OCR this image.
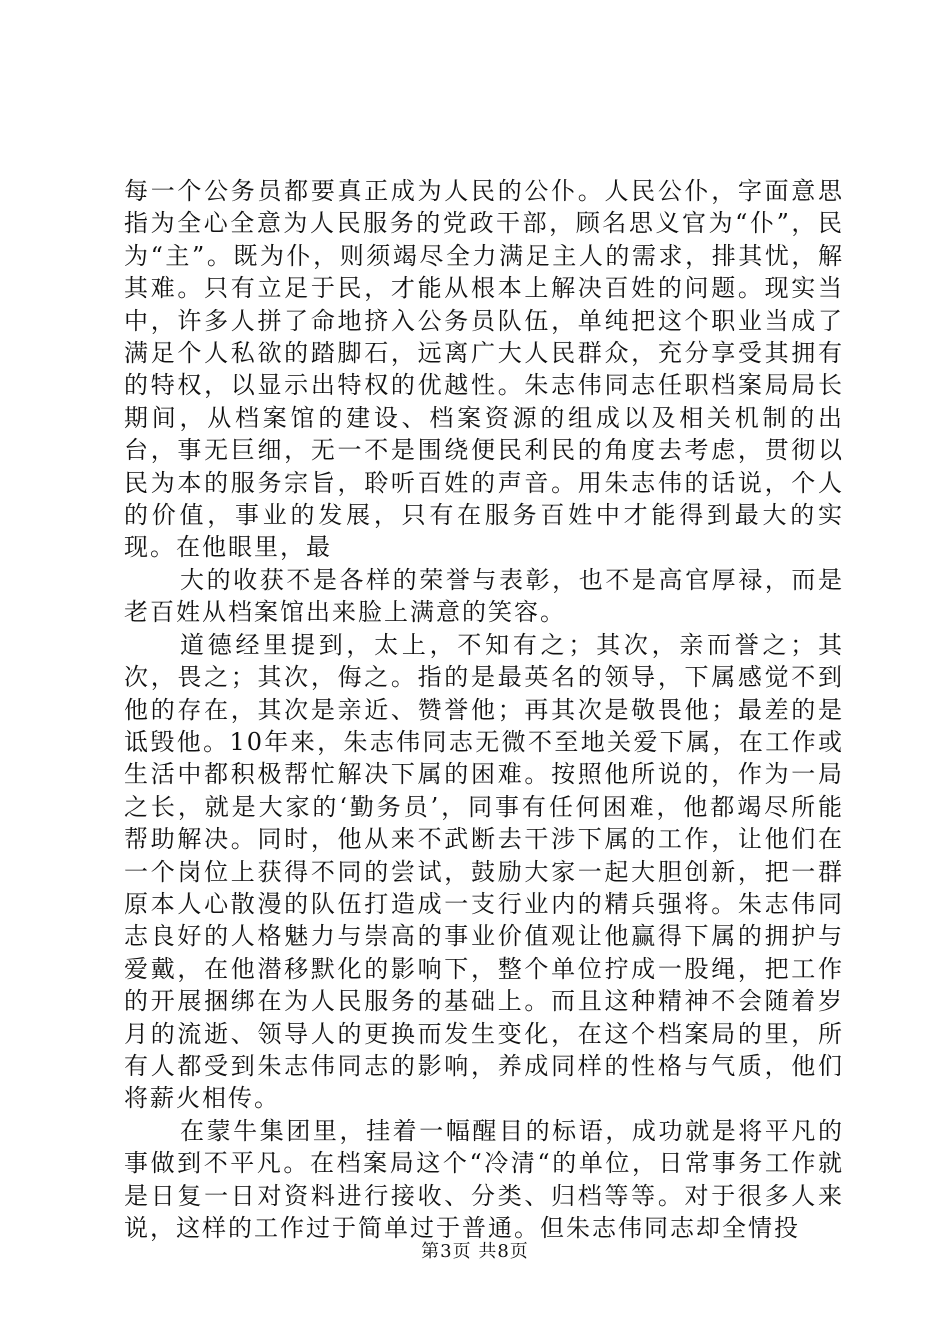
每一个公务员都要真正成为人民的公仆。人民公仆，字面意思指为全心全意为人民服务的党政干部，顾名思义官为“仆”，民为“主”。既为仆，则须竭尽全力满足主人的需求，排其忧，解其难。只有立足于民，才能从根本上解决百姓的问题。现实当中，许多人拼了命地挤入公务员队伍，单纯把这个职业当成了满足个人私欲的踏脚石，远离广大人民群众，充分享受其拥有的特权，以显示出特权的优越性。朱志伟同志任职档案局局长期间，从档案馆的建设、档案资源的组成以及相关机制的出台，事无巨细，无一不是围绕便民利民的角度去考虑，贯彻以民为本的服务宗旨，聆听百姓的声音。用朱志伟的话说，个人的价值，事业的发展，只有在服务百姓中才能得到最大的实现。在他眼里，最

大的收获不是各样的荣誉与表彰，也不是高官厚禄，而是老百姓从档案馆出来脸上满意的笑容。

道德经里提到，太上，不知有之；其次，亲而誉之；其次，畏之；其次，侮之。指的是最英名的领导，下属感觉不到他的存在，其次是亲近、赞誉他；再其次是敬畏他；最差的是诋毁他。10年来，朱志伟同志无微不至地关爱下属，在工作或生活中都积极帮忙解决下属的困难。按照他所说的，作为一局之长，就是大家的‘勤务员’，同事有任何困难，他都竭尽所能帮助解决。同时，他从来不武断去干涉下属的工作，让他们在一个岗位上获得不同的尝试，鼓励大家一起大胆创新，把一群原本人心散漫的队伍打造成一支行业内的精兵强将。朱志伟同志良好的人格魅力与崇高的事业价值观让他赢得下属的拥护与爱戴，在他潜移默化的影响下，整个单位拧成一股绳，把工作的开展捆绑在为人民服务的基础上。而且这种精神不会随着岁月的流逝、领导人的更换而发生变化，在这个档案局的里，所有人都受到朱志伟同志的影响，养成同样的性格与气质，他们将薪火相传。

在蒙牛集团里，挂着一幅醒目的标语，成功就是将平凡的事做到不平凡。在档案局这个“冷清“的单位，日常事务工作就是日复一日对资料进行接收、分类、归档等等。对于很多人来说，这样的工作过于简单过于普通。但朱志伟同志却全情投

第3页 共8页
